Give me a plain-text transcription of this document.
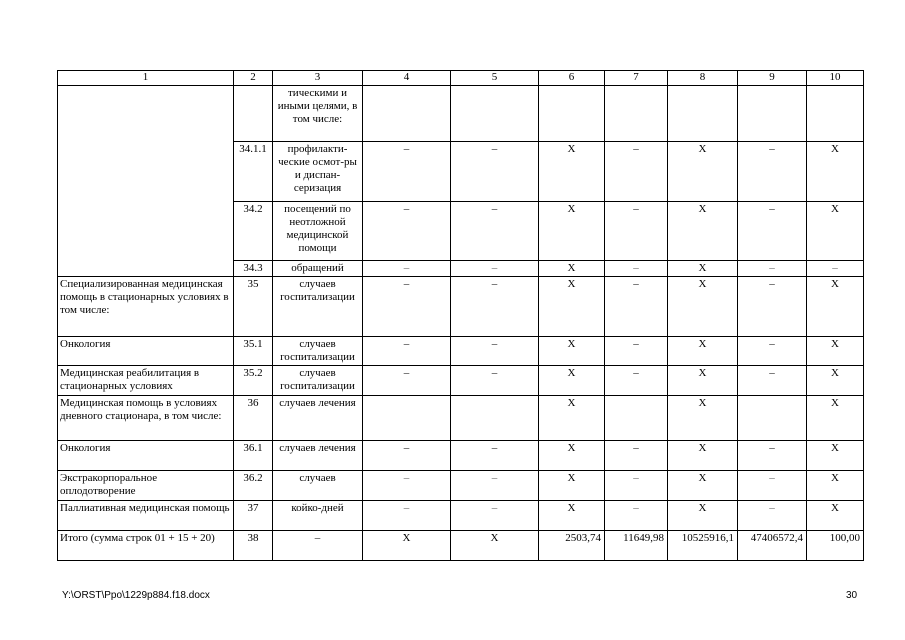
1	2	3	4	5	6	7	8	9	10
		тическими и иными целями, в том числе:							
	34.1.1	профилакти-ческие осмот-ры и диспан-серизация	–	–	X	–	X	–	X
	34.2	посещений по неотложной медицинской помощи	–	–	X	–	X	–	X
	34.3	обращений	–	–	X	–	X	–	–
Специализированная медицинская помощь в стационарных условиях в том числе:	35	случаев госпитализации	–	–	X	–	X	–	X
Онкология	35.1	случаев госпитализации	–	–	X	–	X	–	X
Медицинская реабилитация в стационарных условиях	35.2	случаев госпитализации	–	–	X	–	X	–	X
Медицинская помощь в условиях дневного стационара, в том числе:	36	случаев лечения			X		X		X
Онкология	36.1	случаев лечения	–	–	X	–	X	–	X
Экстракорпоральное оплодотворение	36.2	случаев	–	–	X	–	X	–	X
Паллиативная медицинская помощь	37	койко-дней	–	–	X	–	X	–	X
Итого (сумма строк 01 + 15 + 20)	38	–	X	X	2503,74	11649,98	10525916,1	47406572,4	100,00
Y:\ORST\Ppo\1229p884.f18.docx	30
